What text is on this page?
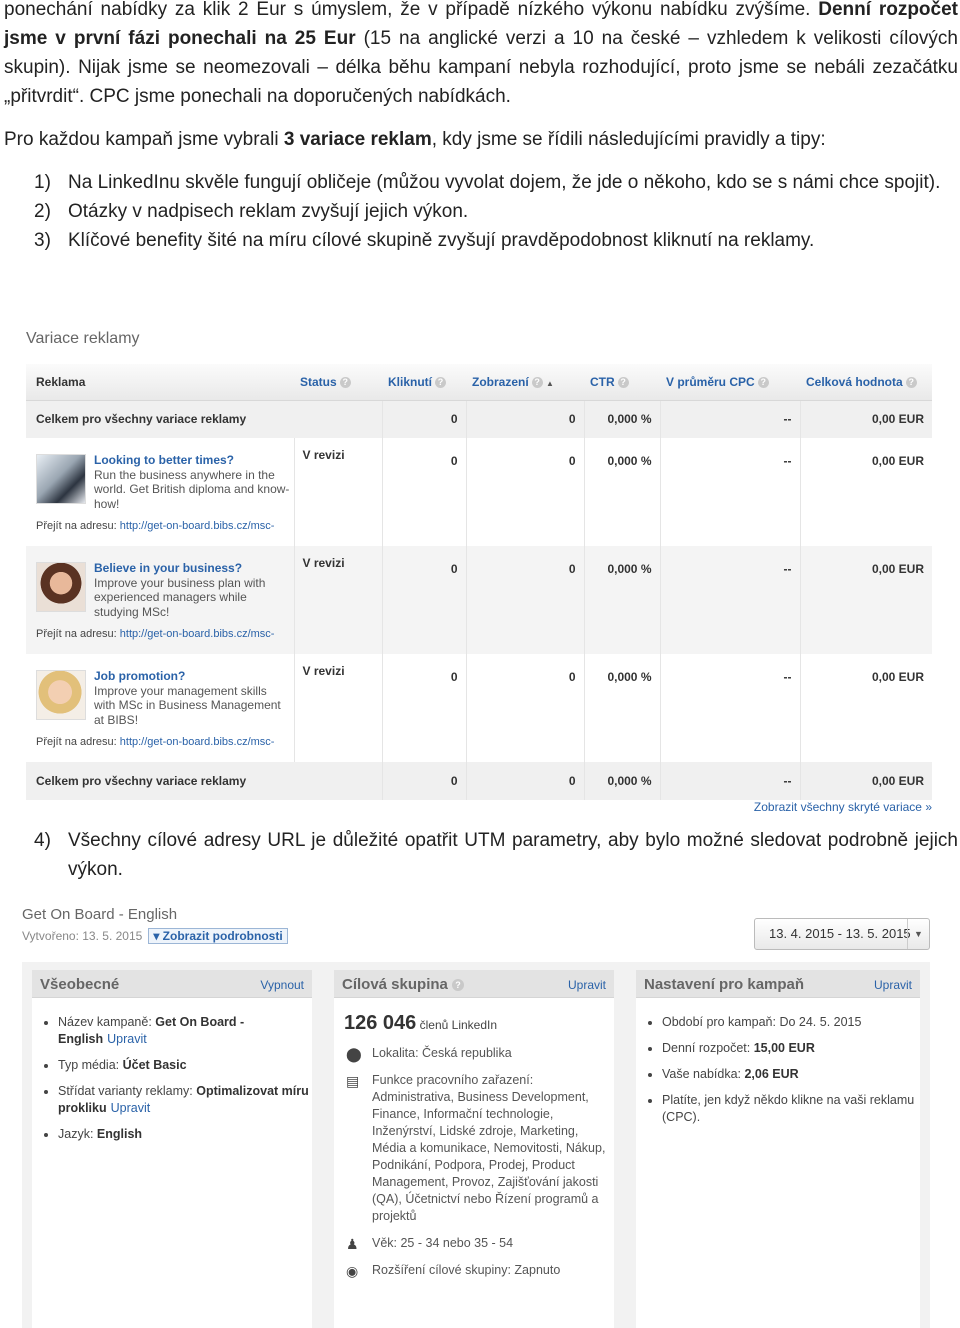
ponechání nabídky za klik 2 Eur s úmyslem, že v případě nízkého výkonu nabídku zvýšíme. Denní rozpočet jsme v první fázi ponechali na 25 Eur (15 na anglické verzi a 10 na české – vzhledem k velikosti cílových skupin). Nijak jsme se neomezovali – délka běhu kampaní nebyla rozhodující, proto jsme se nebáli zezačátku „přitvrdit“. CPC jsme ponechali na doporučených nabídkách.

Pro každou kampaň jsme vybrali 3 variace reklam, kdy jsme se řídili následujícími pravidly a tipy:

1) Na LinkedInu skvěle fungují obličeje (můžou vyvolat dojem, že jde o někoho, kdo se s námi chce spojit).
2) Otázky v nadpisech reklam zvyšují jejich výkon.
3) Klíčové benefity šité na míru cílové skupině zvyšují pravděpodobnost kliknutí na reklamy.
Variace reklamy
Reklama	Status ?	Kliknutí ?	Zobrazení ? ▲	CTR ?	V průměru CPC ?	Celková hodnota ?
Celkem pro všechny variace reklamy		0	0	0,000 %	--	0,00 EUR

Looking to better times?
Run the business anywhere in the world. Get British diploma and know-how!
Přejít na adresu: http://get-on-board.bibs.cz/msc-	V revizi	0	0	0,000 %	--	0,00 EUR

Believe in your business?
Improve your business plan with experienced managers while studying MSc!
Přejít na adresu: http://get-on-board.bibs.cz/msc-	V revizi	0	0	0,000 %	--	0,00 EUR

Job promotion?
Improve your management skills with MSc in Business Management at BIBS!
Přejít na adresu: http://get-on-board.bibs.cz/msc-	V revizi	0	0	0,000 %	--	0,00 EUR
Celkem pro všechny variace reklamy		0	0	0,000 %	--	0,00 EUR
Zobrazit všechny skryté variace »
4) Všechny cílové adresy URL je důležité opatřit UTM parametry, aby bylo možné sledovat podrobně jejich výkon.
Get On Board - English
Vytvořeno: 13. 5. 2015 ▾ Zobrazit podrobnosti	13. 4. 2015 - 13. 5. 2015 ▼
Všeobecné	Vypnout
• Název kampaně: Get On Board - English Upravit
• Typ média: Účet Basic
• Střídat varianty reklamy: Optimalizovat míru prokliku Upravit
• Jazyk: English
Cílová skupina ?	Upravit
126 046 členů LinkedIn
⬤ Lokalita: Česká republika
▤ Funkce pracovního zařazení: Administrativa, Business Development, Finance, Informační technologie, Inženýrství, Lidské zdroje, Marketing, Média a komunikace, Nemovitosti, Nákup, Podnikání, Podpora, Prodej, Product Management, Provoz, Zajišťování jakosti (QA), Účetnictví nebo Řízení programů a projektů
♟ Věk: 25 - 34 nebo 35 - 54
◉ Rozšíření cílové skupiny: Zapnuto
Nastavení pro kampaň	Upravit
• Období pro kampaň: Do 24. 5. 2015
• Denní rozpočet: 15,00 EUR
• Vaše nabídka: 2,06 EUR
• Platíte, jen když někdo klikne na vaši reklamu (CPC).
